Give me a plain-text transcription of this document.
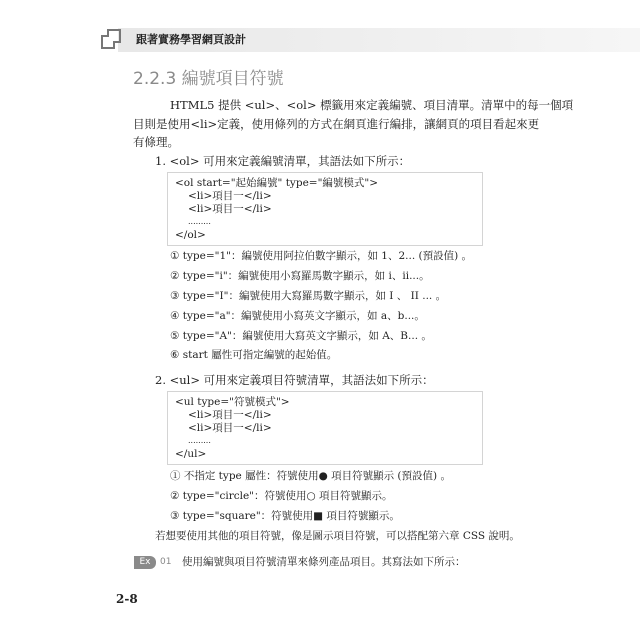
跟著實務學習網頁設計
2.2.3 編號項目符號
HTML5 提供 <ul>、<ol> 標籤用來定義編號、項目清單。清單中的每一個項
目則是使用<li>定義，使用條列的方式在網頁進行編排，讓網頁的項目看起來更
有條理。
1. <ol> 可用來定義編號清單，其語法如下所示：
<ol start="起始編號" type="編號模式">
<li>項目一</li>
<li>項目一</li>
.........
</ol>
① type="1"：編號使用阿拉伯數字顯示，如 1、2... (預設值) 。
② type="i"：編號使用小寫羅馬數字顯示，如 i、ii...。
③ type="I"：編號使用大寫羅馬數字顯示，如 I 、 II ... 。
④ type="a"：編號使用小寫英文字顯示，如 a、b...。
⑤ type="A"：編號使用大寫英文字顯示，如 A、B... 。
⑥ start 屬性可指定編號的起始值。
2. <ul> 可用來定義項目符號清單，其語法如下所示：
<ul type="符號模式">
<li>項目一</li>
<li>項目一</li>
.........
</ul>
① 不指定 type 屬性：符號使用● 項目符號顯示 (預設值) 。
② type="circle"：符號使用○ 項目符號顯示。
③ type="square"：符號使用■ 項目符號顯示。
若想要使用其他的項目符號，像是圖示項目符號，可以搭配第六章 CSS 說明。
Ex	01 使用編號與項目符號清單來條列產品項目。其寫法如下所示：
2-8
